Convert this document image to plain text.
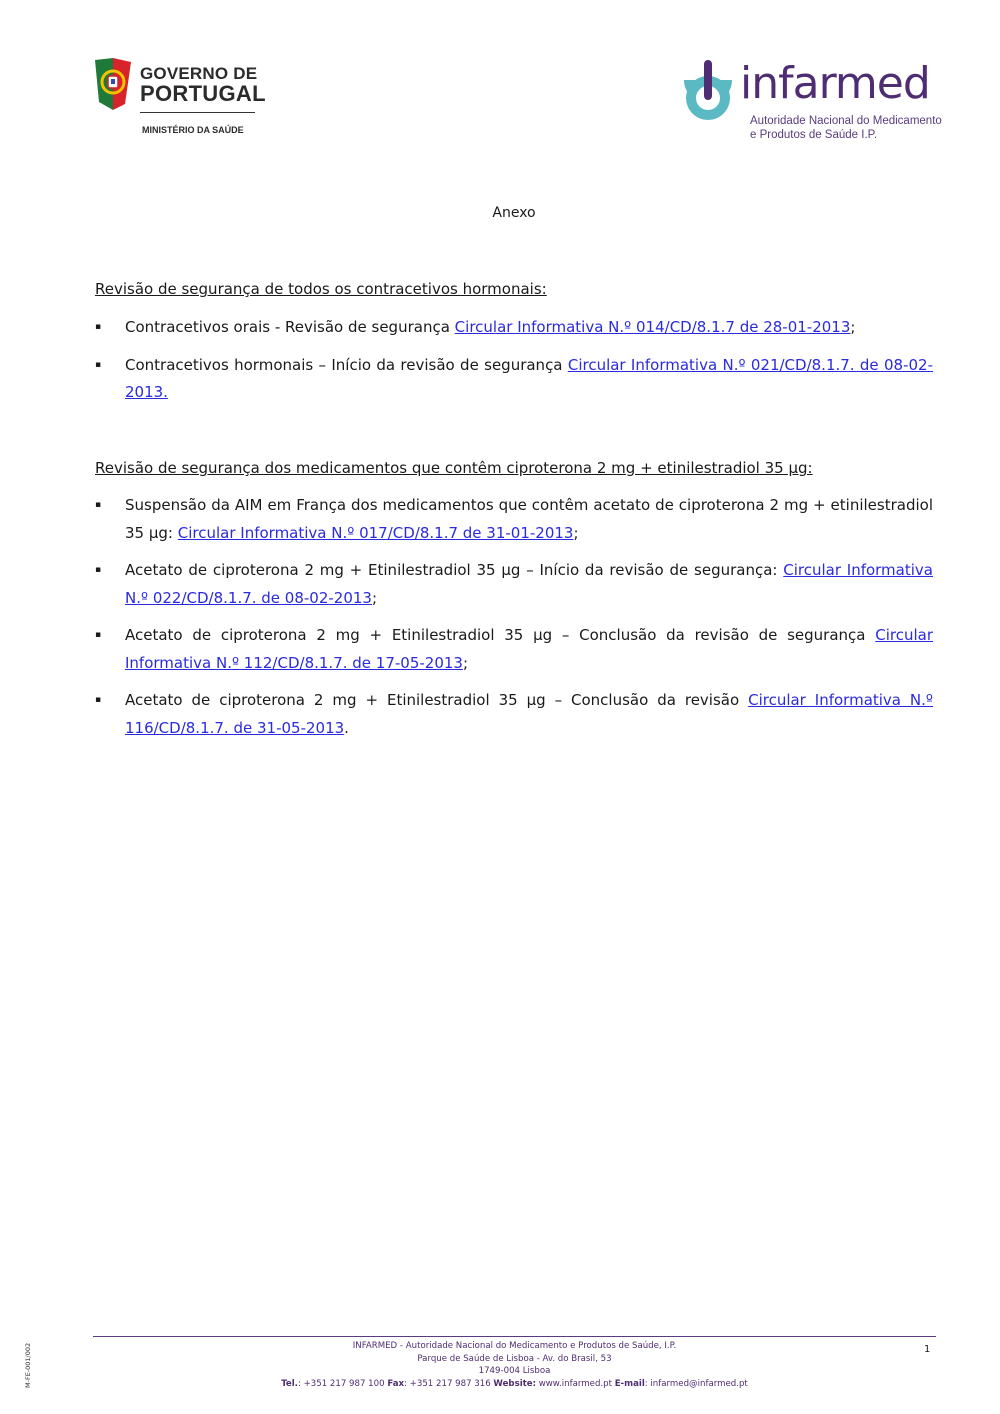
GOVERNO DE
PORTUGAL
MINISTÉRIO DA SAÚDE
infarmed
Autoridade Nacional do Medicamento
e Produtos de Saúde I.P.
Anexo
Revisão de segurança de todos os contracetivos hormonais:
▪	Contracetivos orais - Revisão de segurança Circular Informativa N.º 014/CD/8.1.7 de 28-01-2013;
▪	Contracetivos hormonais – Início da revisão de segurança Circular Informativa N.º 021/CD/8.1.7. de 08-02-2013.
Revisão de segurança dos medicamentos que contêm ciproterona 2 mg + etinilestradiol 35 µg:
▪	Suspensão da AIM em França dos medicamentos que contêm acetato de ciproterona 2 mg + etinilestradiol 35 µg: Circular Informativa N.º 017/CD/8.1.7 de 31-01-2013;
▪	Acetato de ciproterona 2 mg + Etinilestradiol 35 µg – Início da revisão de segurança: Circular Informativa N.º 022/CD/8.1.7. de 08-02-2013;
▪	Acetato de ciproterona 2 mg + Etinilestradiol 35 µg – Conclusão da revisão de segurança Circular Informativa N.º 112/CD/8.1.7. de 17-05-2013;
▪	Acetato de ciproterona 2 mg + Etinilestradiol 35 µg – Conclusão da revisão Circular Informativa N.º 116/CD/8.1.7. de 31-05-2013.
INFARMED - Autoridade Nacional do Medicamento e Produtos de Saúde, I.P.
Parque de Saúde de Lisboa - Av. do Brasil, 53
1749-004 Lisboa
Tel.: +351 217 987 100 Fax: +351 217 987 316 Website: www.infarmed.pt E-mail: infarmed@infarmed.pt
1
M-FE-001/002
